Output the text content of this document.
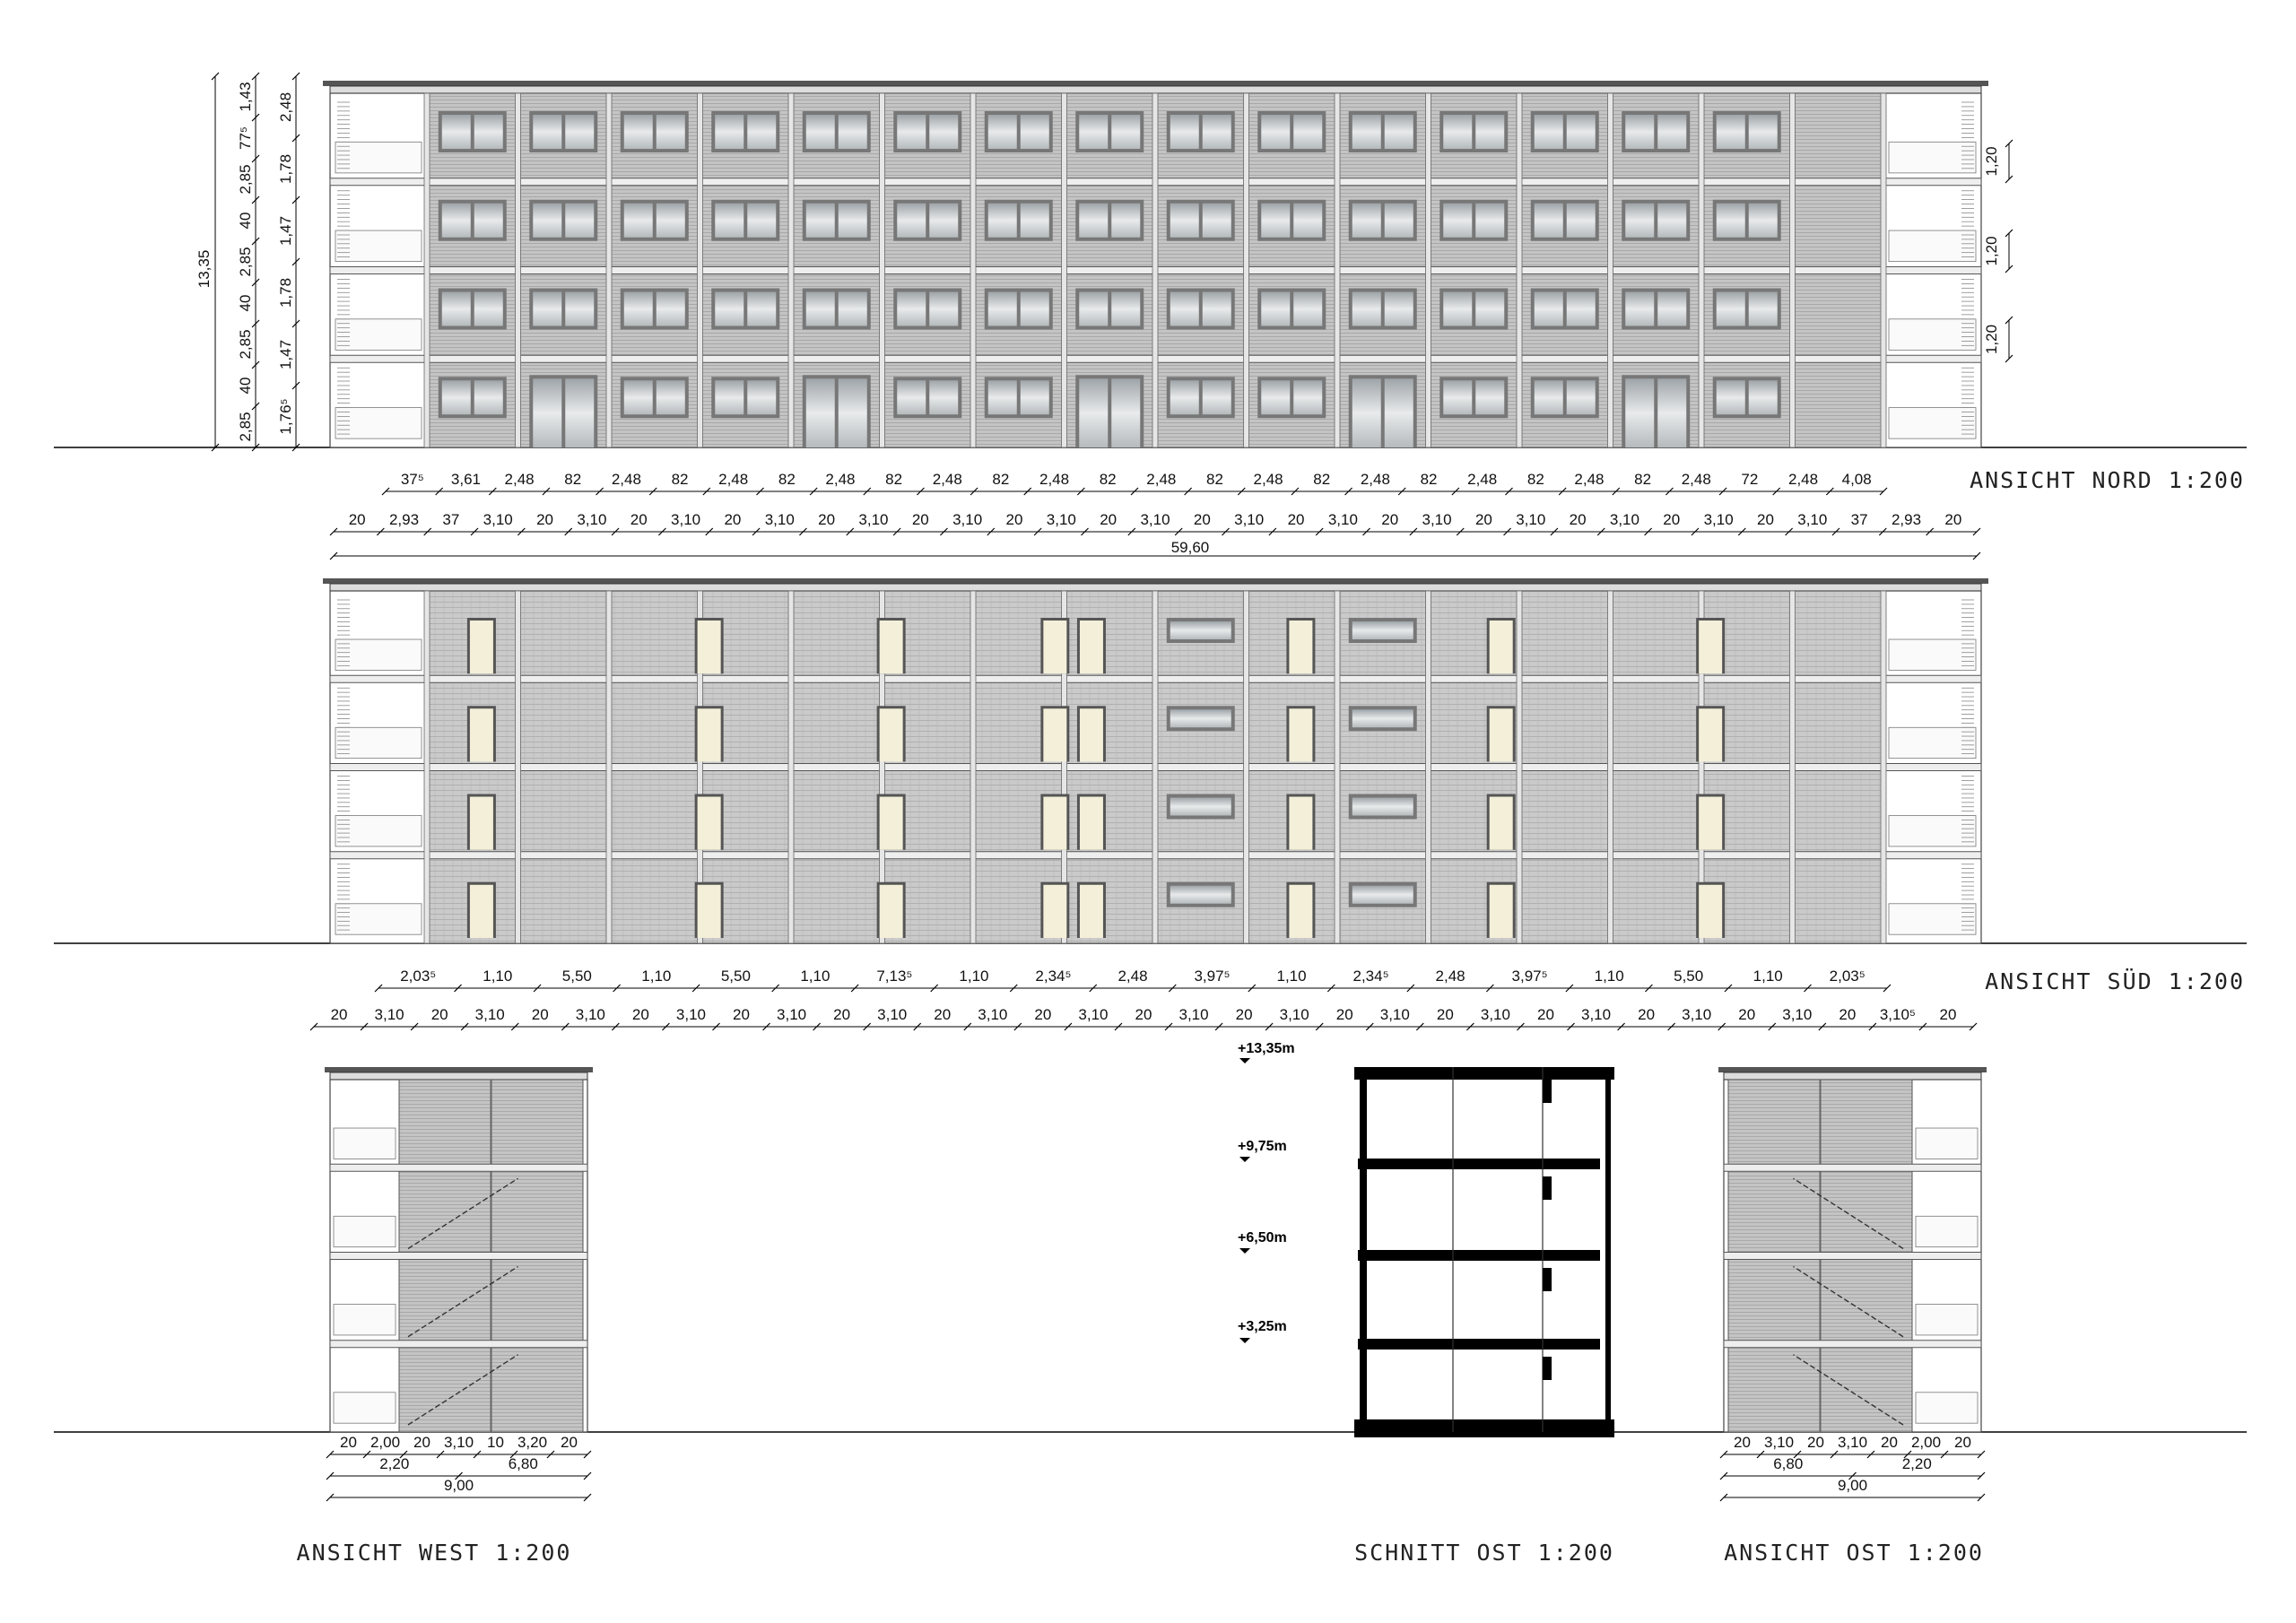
37⁵ 3,61 2,48 82 2,48 82 2,48 82 2,48 82 2,48 82 2,48 82 2,48 82 2,48 82 2,48 82 2,48 82 2,48 82 2,48 72 2,48 4,08
20 2,93 37 3,10 20 3,10 20 3,10 20 3,10 20 3,10 20 3,10 20 3,10 20 3,10 20 3,10 20 3,10 20 3,10 20 3,10 20 3,10 20 3,10 20 3,10 37 2,93 20
2,03⁵	1,10	5,50	1,10	5,50	1,10	7,13⁵	1,10	2,34⁵	2,48	3,97⁵	1,10	2,34⁵	2,48	3,97⁵	1,10	5,50	1,10	2,03⁵
20 3,10 20 3,10 20 3,10 20 3,10 20 3,10 20 3,10 20 3,10 20 3,10 20 3,10 20 3,10 20 3,10 20 3,10 20 3,10 20 3,10 20 3,10 20 3,10⁵ 20
20 2,00 20 3,10 10 3,20 20
2,20	6,80
9,00
20 3,10 20 3,10 20 2,00 20
6,80	2,20
9,00
2,85
40
2,85
40
2,85
40
2,85
77⁵
1,43
1,76⁵
1,47
1,78
1,47
1,78
2,48
1,20
1,20
1,20
ANSICHT NORD 1:200
ANSICHT SÜD 1:200
ANSICHT WEST 1:200	SCHNITT OST 1:200	ANSICHT OST 1:200
13,35
59,60
+13,35m
+9,75m
+6,50m
+3,25m
